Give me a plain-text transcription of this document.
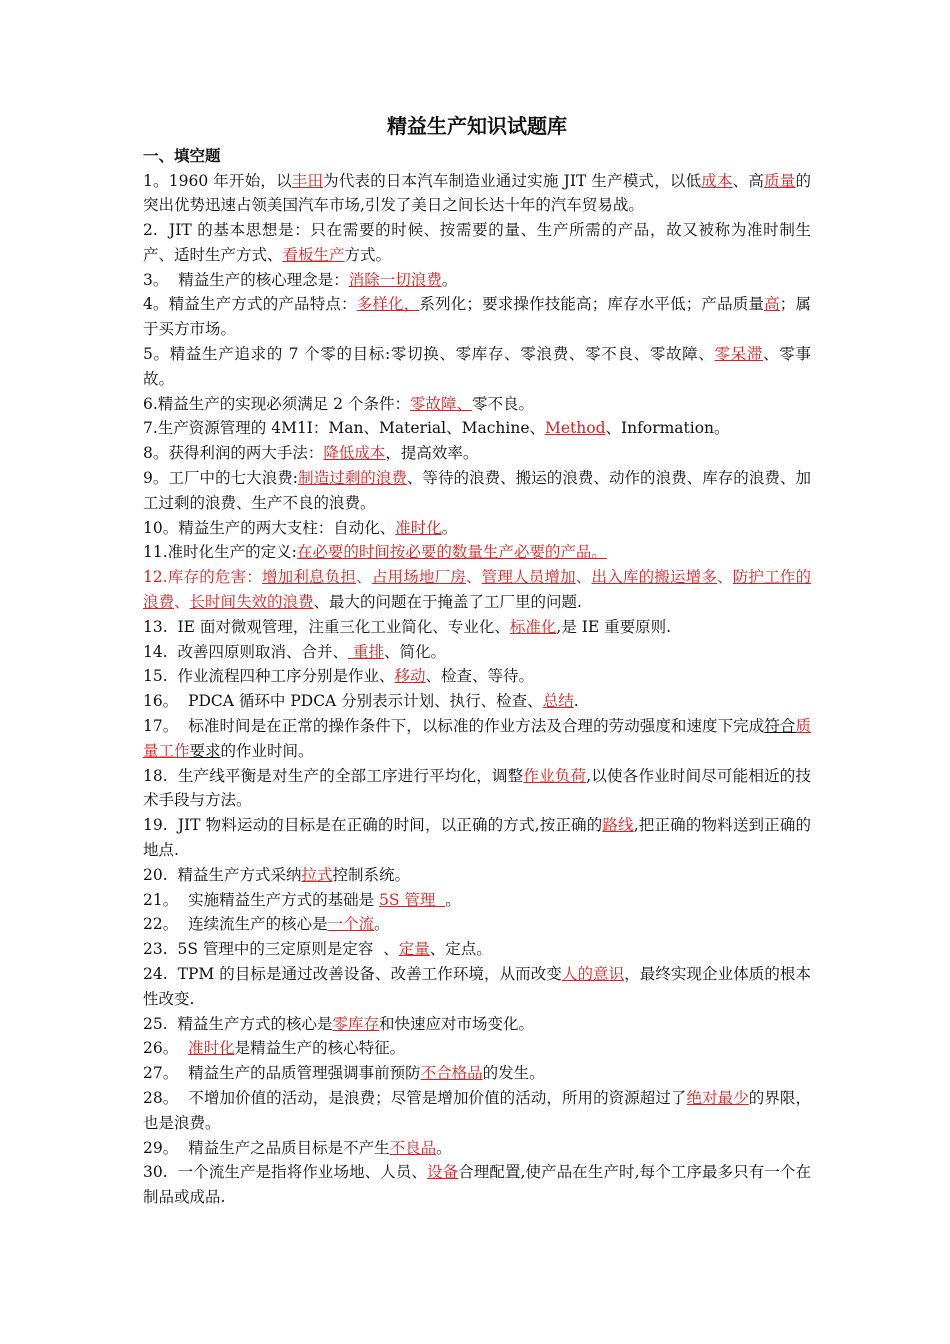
精益生产知识试题库
一、填空题
1。1960 年开始，以丰田为代表的日本汽车制造业通过实施 JIT 生产模式，以低成本、高质量的突出优势迅速占领美国汽车市场,引发了美日之间长达十年的汽车贸易战。
2.  JIT 的基本思想是：只在需要的时候、按需要的量、生产所需的产品，故又被称为准时制生产、适时生产方式、看板生产方式。
3。  精益生产的核心理念是：消除一切浪费。
4。精益生产方式的产品特点：多样化，系列化；要求操作技能高；库存水平低；产品质量高；属于买方市场。
5。精益生产追求的 7 个零的目标:零切换、零库存、零浪费、零不良、零故障、零呆滞、零事故。
6.精益生产的实现必须满足 2 个条件：零故障、零不良。
7.生产资源管理的 4M1I：Man、Material、Machine、Method、Information。
8。获得利润的两大手法：降低成本，提高效率。
9。工厂中的七大浪费:制造过剩的浪费、等待的浪费、搬运的浪费、动作的浪费、库存的浪费、加工过剩的浪费、生产不良的浪费。
10。精益生产的两大支柱：自动化、准时化。
11.准时化生产的定义:在必要的时间按必要的数量生产必要的产品。
12.库存的危害：增加利息负担、占用场地厂房、管理人员增加、出入库的搬运增多、防护工作的浪费、长时间失效的浪费、最大的问题在于掩盖了工厂里的问题.
13.  IE 面对微观管理，注重三化工业简化、专业化、标准化,是 IE 重要原则.
14.  改善四原则取消、合并、 重排、简化。
15.  作业流程四种工序分别是作业、移动、检查、等待。
16。  PDCA 循环中 PDCA 分别表示计划、执行、检查、总结.
17。  标准时间是在正常的操作条件下，以标准的作业方法及合理的劳动强度和速度下完成符合质量工作要求的作业时间。
18.  生产线平衡是对生产的全部工序进行平均化，调整作业负荷,以使各作业时间尽可能相近的技术手段与方法。
19.  JIT 物料运动的目标是在正确的时间，以正确的方式,按正确的路线,把正确的物料送到正确的地点.
20.  精益生产方式采纳拉式控制系统。
21。  实施精益生产方式的基础是 5S 管理  。
22。  连续流生产的核心是一个流。
23.  5S 管理中的三定原则是定容  、定量、定点。
24.  TPM 的目标是通过改善设备、改善工作环境，从而改变人的意识，最终实现企业体质的根本性改变.
25.  精益生产方式的核心是零库存和快速应对市场变化。
26。  准时化是精益生产的核心特征。
27。  精益生产的品质管理强调事前预防不合格品的发生。
28。  不增加价值的活动，是浪费；尽管是增加价值的活动，所用的资源超过了绝对最少的界限，也是浪费。
29。  精益生产之品质目标是不产生不良品。
30.  一个流生产是指将作业场地、人员、设备合理配置,使产品在生产时,每个工序最多只有一个在制品或成品.
